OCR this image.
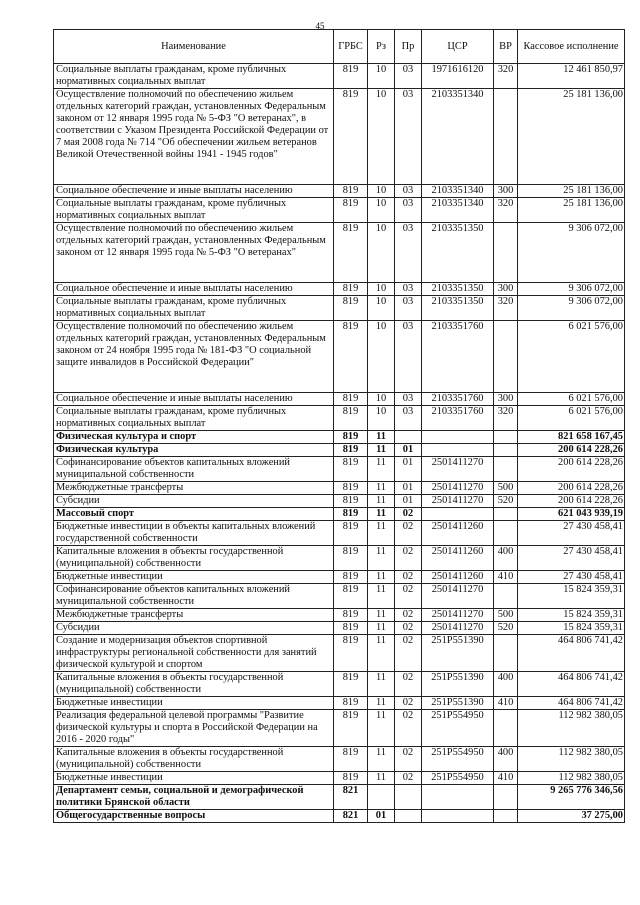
45
Наименование	ГРБС	Рз	Пр	ЦСР	ВР	Кассовое исполнение
Социальные выплаты гражданам, кроме публичных нормативных социальных выплат	819	10	03	1971616120	320	12 461 850,97
Осуществление полномочий по обеспечению жильем отдельных категорий граждан, установленных Федеральным законом от 12 января 1995 года № 5-ФЗ "О ветеранах", в соответствии с Указом Президента Российской Федерации от 7 мая 2008 года № 714 "Об обеспечении жильем ветеранов Великой Отечественной войны 1941 - 1945 годов"	819	10	03	2103351340		25 181 136,00
Социальное обеспечение и иные выплаты населению	819	10	03	2103351340	300	25 181 136,00
Социальные выплаты гражданам, кроме публичных нормативных социальных выплат	819	10	03	2103351340	320	25 181 136,00
Осуществление полномочий по обеспечению жильем отдельных категорий граждан, установленных Федеральным законом от 12 января 1995 года № 5-ФЗ "О ветеранах"	819	10	03	2103351350		9 306 072,00
Социальное обеспечение и иные выплаты населению	819	10	03	2103351350	300	9 306 072,00
Социальные выплаты гражданам, кроме публичных нормативных социальных выплат	819	10	03	2103351350	320	9 306 072,00
Осуществление полномочий по обеспечению жильем отдельных категорий граждан, установленных Федеральным законом от 24 ноября 1995 года № 181-ФЗ "О социальной защите инвалидов в Российской Федерации"	819	10	03	2103351760		6 021 576,00
Социальное обеспечение и иные выплаты населению	819	10	03	2103351760	300	6 021 576,00
Социальные выплаты гражданам, кроме публичных нормативных социальных выплат	819	10	03	2103351760	320	6 021 576,00
Физическая культура и спорт	819	11				821 658 167,45
Физическая культура	819	11	01			200 614 228,26
Софинансирование объектов капитальных вложений муниципальной собственности	819	11	01	2501411270		200 614 228,26
Межбюджетные трансферты	819	11	01	2501411270	500	200 614 228,26
Субсидии	819	11	01	2501411270	520	200 614 228,26
Массовый спорт	819	11	02			621 043 939,19
Бюджетные инвестиции в объекты капитальных вложений государственной собственности	819	11	02	2501411260		27 430 458,41
Капитальные вложения в объекты государственной (муниципальной) собственности	819	11	02	2501411260	400	27 430 458,41
Бюджетные инвестиции	819	11	02	2501411260	410	27 430 458,41
Софинансирование объектов капитальных вложений муниципальной собственности	819	11	02	2501411270		15 824 359,31
Межбюджетные трансферты	819	11	02	2501411270	500	15 824 359,31
Субсидии	819	11	02	2501411270	520	15 824 359,31
Создание и модернизация объектов спортивной инфраструктуры региональной собственности для занятий физической культурой и спортом	819	11	02	251P551390		464 806 741,42
Капитальные вложения в объекты государственной (муниципальной) собственности	819	11	02	251P551390	400	464 806 741,42
Бюджетные инвестиции	819	11	02	251P551390	410	464 806 741,42
Реализация федеральной целевой программы "Развитие физической культуры и спорта в Российской Федерации на 2016 - 2020 годы"	819	11	02	251P554950		112 982 380,05
Капитальные вложения в объекты государственной (муниципальной) собственности	819	11	02	251P554950	400	112 982 380,05
Бюджетные инвестиции	819	11	02	251P554950	410	112 982 380,05
Департамент семьи, социальной и демографической политики Брянской области	821					9 265 776 346,56
Общегосударственные вопросы	821	01				37 275,00
